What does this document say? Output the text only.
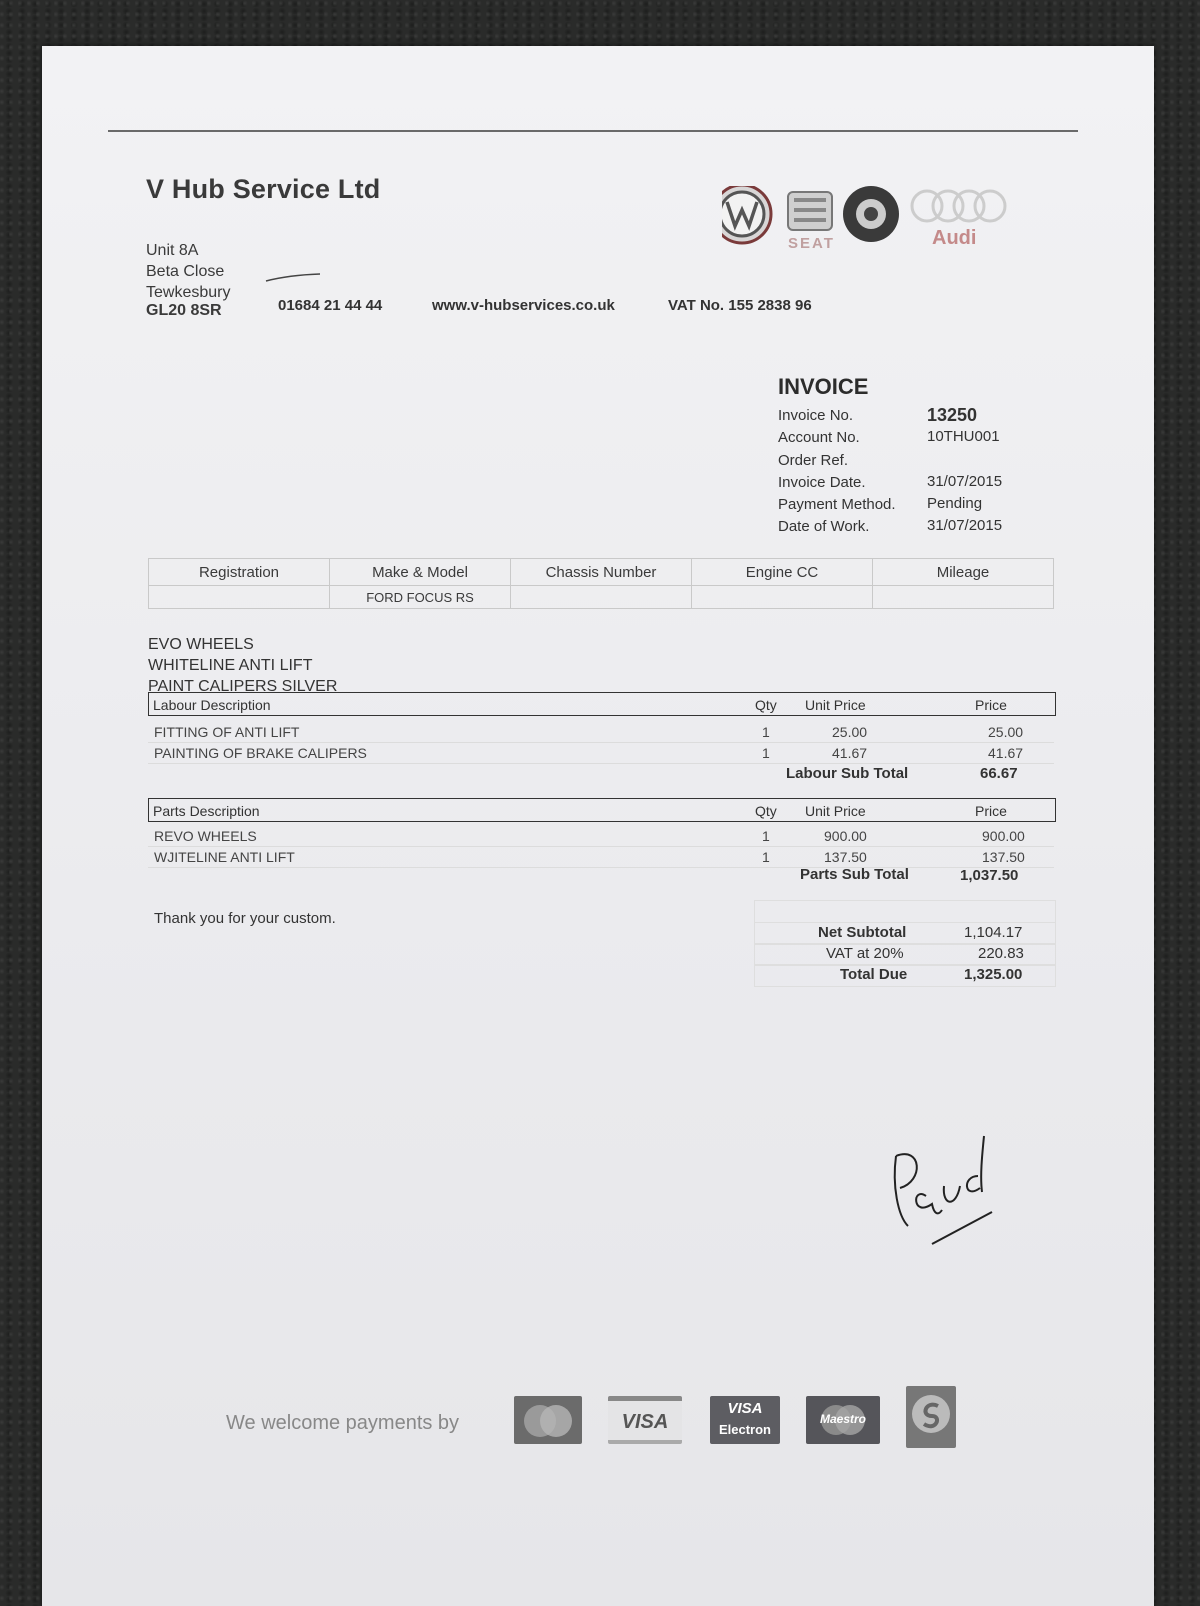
V Hub Service Ltd
Unit 8A
Beta Close
Tewkesbury
GL20 8SR	01684 21 44 44	www.v-hubservices.co.uk	VAT No. 155 2838 96
SEAT	Audi
INVOICE
Invoice No.	13250
Account No.	10THU001
Order Ref.
Invoice Date.	31/07/2015
Payment Method. Pending
Date of Work.	31/07/2015
Registration	Make & Model	Chassis Number	Engine CC	Mileage
	FORD FOCUS RS			
EVO WHEELS
WHITELINE ANTI LIFT
PAINT CALIPERS SILVER
Labour Description	Qty Unit Price	Price
FITTING OF ANTI LIFT	1	25.00	25.00
PAINTING OF BRAKE CALIPERS	1	41.67	41.67
Labour Sub Total	66.67
Parts Description	Qty Unit Price	Price
REVO WHEELS	1	900.00	900.00
WJITELINE ANTI LIFT	1	137.50	137.50
Parts Sub Total	1,037.50
Thank you for your custom.
Net Subtotal	1,104.17
VAT at 20%	220.83
Total Due	1,325.00
We welcome payments by	VISA
VISA
Electron
Maestro
